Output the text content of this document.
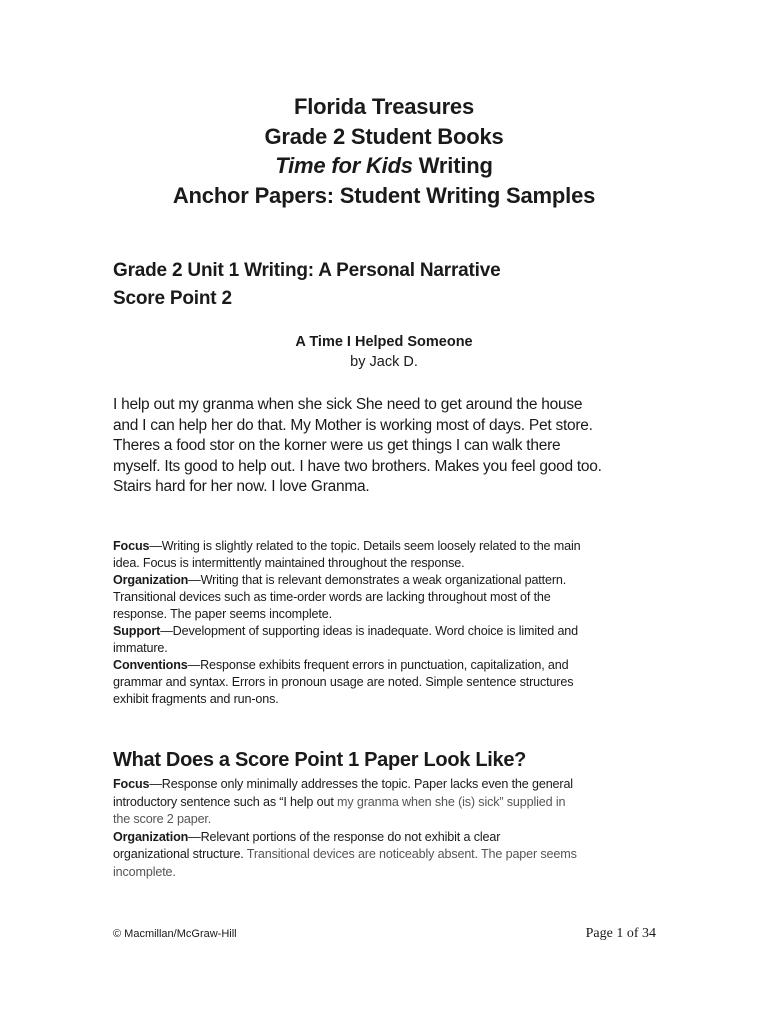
Florida Treasures
Grade 2 Student Books
Time for Kids Writing
Anchor Papers: Student Writing Samples
Grade 2 Unit 1 Writing: A Personal Narrative
Score Point 2
A Time I Helped Someone
by Jack D.
I help out my granma when she sick She need to get around the house
and I can help her do that. My Mother is working most of days. Pet store.
Theres a food stor on the korner were us get things I can walk there
myself. Its good to help out. I have two brothers. Makes you feel good too.
Stairs hard for her now. I love Granma.
Focus—Writing is slightly related to the topic. Details seem loosely related to the main
idea. Focus is intermittently maintained throughout the response.
Organization—Writing that is relevant demonstrates a weak organizational pattern.
Transitional devices such as time-order words are lacking throughout most of the
response. The paper seems incomplete.
Support—Development of supporting ideas is inadequate. Word choice is limited and
immature.
Conventions—Response exhibits frequent errors in punctuation, capitalization, and
grammar and syntax. Errors in pronoun usage are noted. Simple sentence structures
exhibit fragments and run-ons.
What Does a Score Point 1 Paper Look Like?
Focus—Response only minimally addresses the topic. Paper lacks even the general
introductory sentence such as “I help out my granma when she (is) sick” supplied in
the score 2 paper.
Organization—Relevant portions of the response do not exhibit a clear
organizational structure. Transitional devices are noticeably absent. The paper seems
incomplete.
© Macmillan/McGraw-Hill	Page 1 of 34
